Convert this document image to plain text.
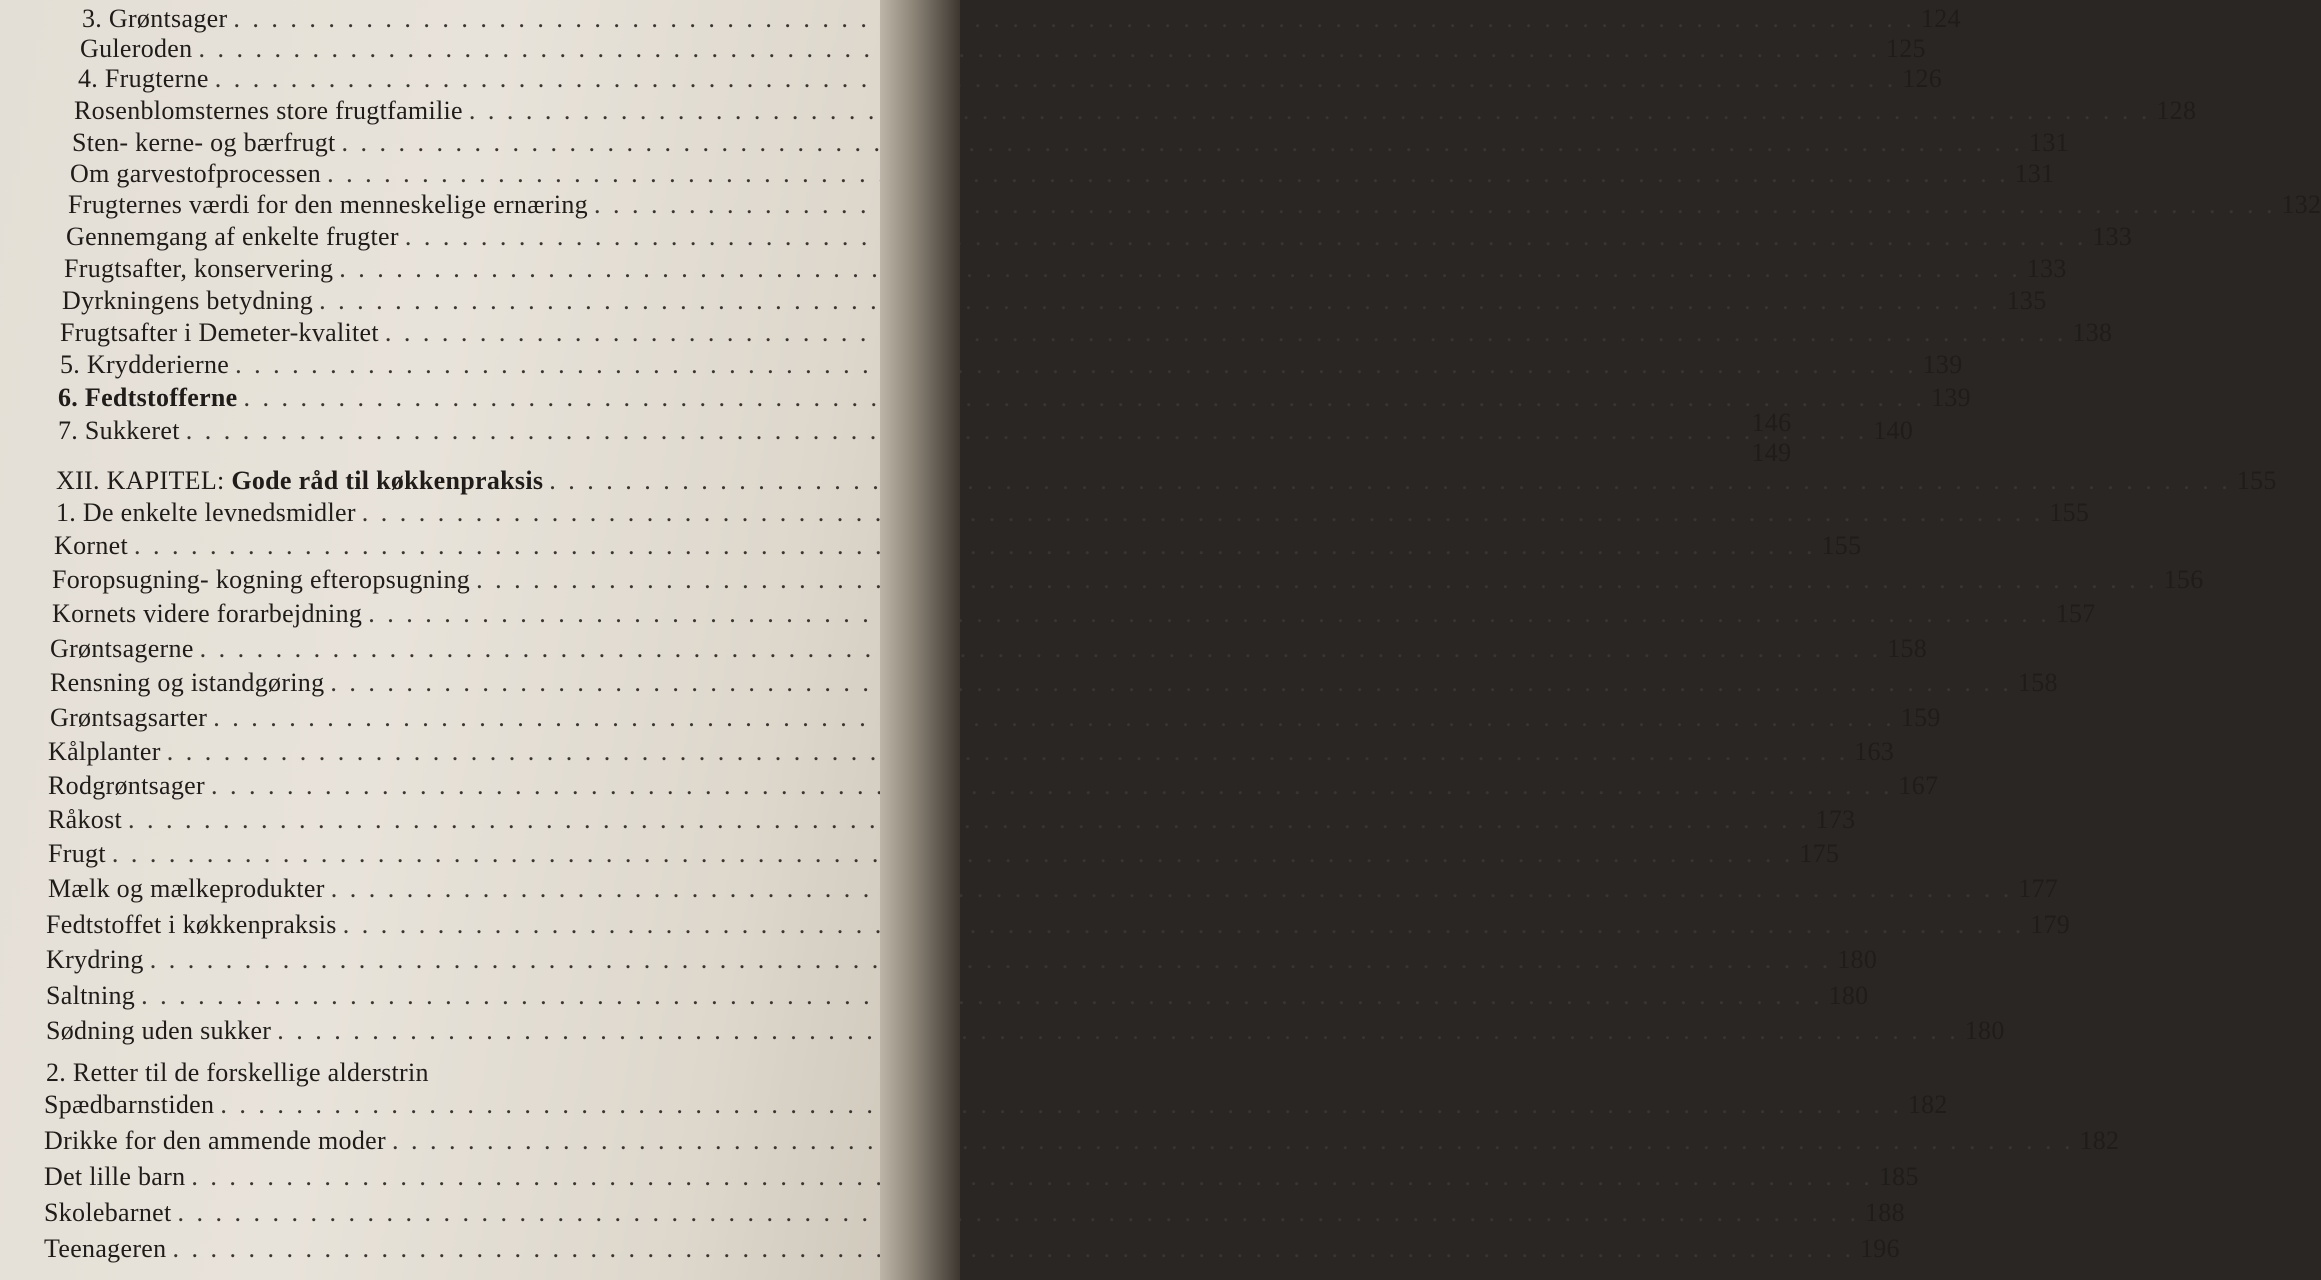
3. Grøntsager . . .	124
Guleroden . . .	125
4. Frugterne . . .	126
Rosenblomsternes store frugtfamilie . . .	128
Sten- kerne- og bærfrugt . . .	131
Om garvestofprocessen . . .	131
Frugternes værdi for den menneskelige ernæring . . .	132
Gennemgang af enkelte frugter . . .	133
Frugtsafter, konservering . . .	133
Dyrkningens betydning . . .	135
Frugtsafter i Demeter-kvalitet . . .	138
5. Krydderierne . . .	139
6. Fedtstofferne . . .	139
7. Sukkeret . . .	140
146
149
XII. KAPITEL: Gode råd til køkkenpraksis . . .	155
1. De enkelte levnedsmidler . . .	155
Kornet . . .	155
Foropsugning- kogning efteropsugning . . .	156
Kornets videre forarbejdning . . .	157
Grøntsagerne . . .	158
Rensning og istandgøring . . .	158
Grøntsagsarter . . .	159
Kålplanter . . .	163
Rodgrøntsager . . .	167
Råkost . . .	173
Frugt . . .	175
Mælk og mælkeprodukter . . .	177
Fedtstoffet i køkkenpraksis . . .	179
Krydring . . .	180
Saltning . . .	180
Sødning uden sukker . . .	180
2. Retter til de forskellige alderstrin
Spædbarnstiden . . .	182
Drikke for den ammende moder . . .	182
Det lille barn . . .	185
Skolebarnet . . .	188
Teenageren . . .	196
